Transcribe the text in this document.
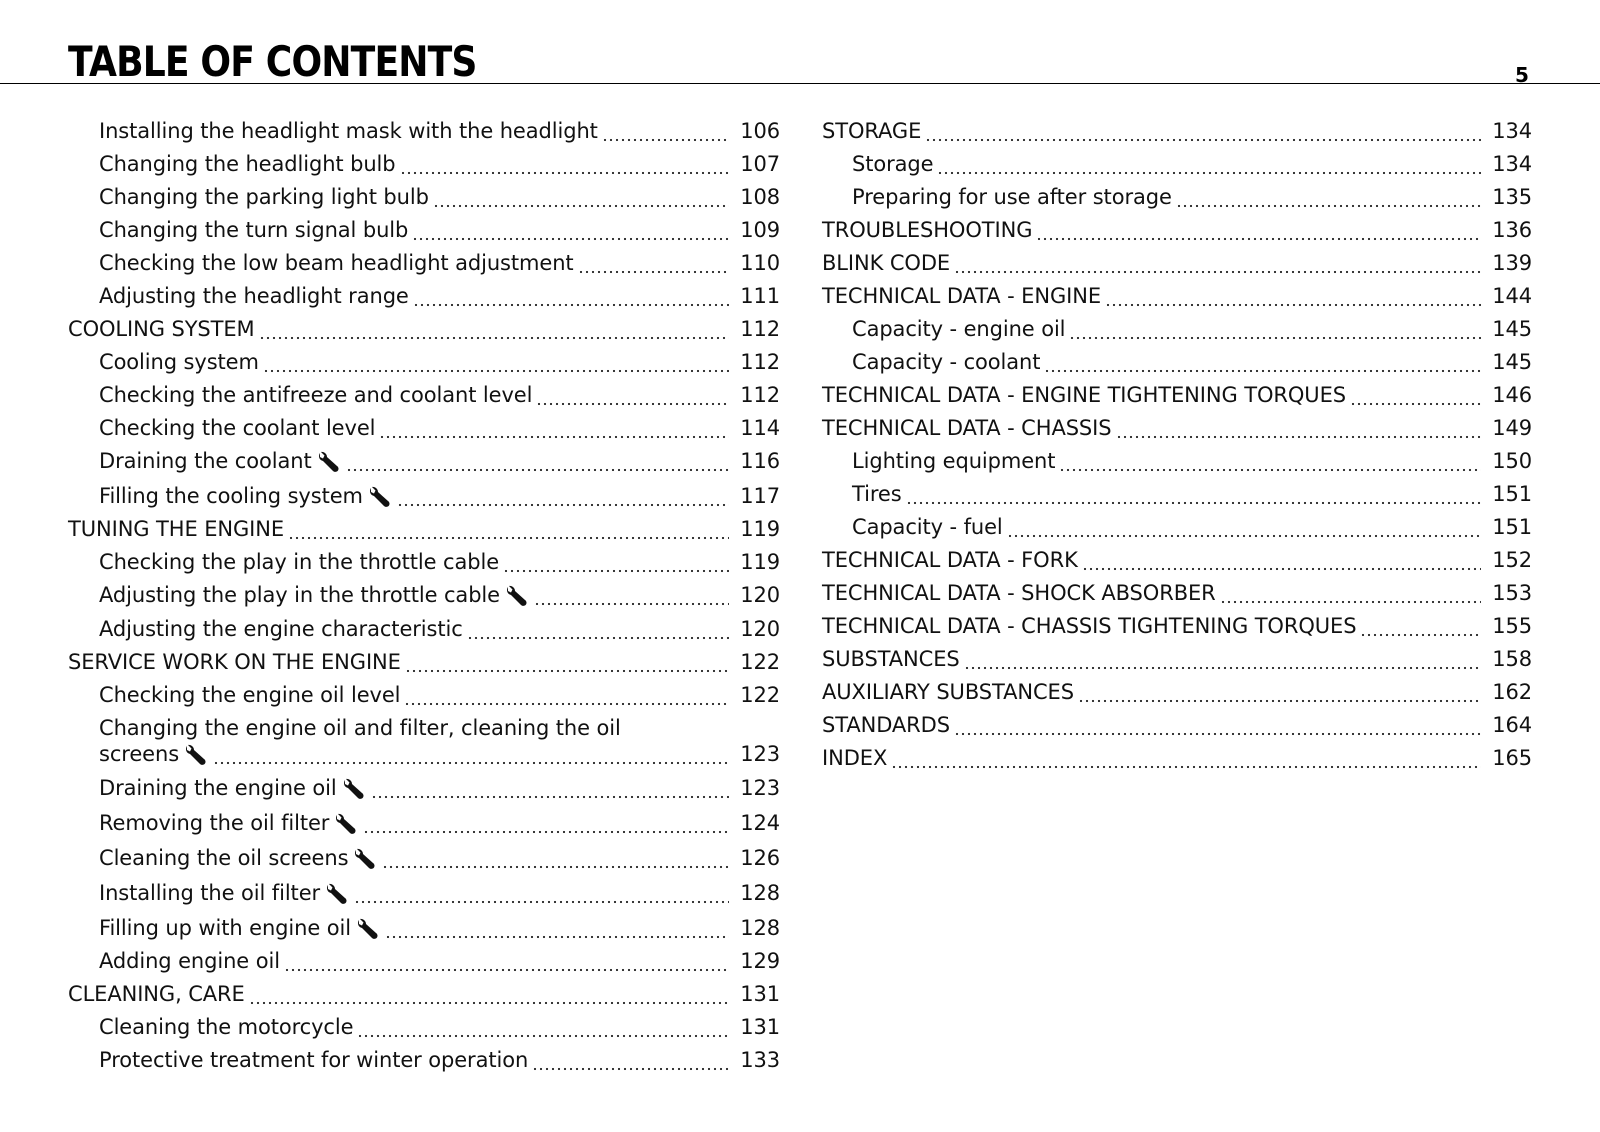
TABLE OF CONTENTS	5
Installing the headlight mask with the headlight	106
Changing the headlight bulb	107
Changing the parking light bulb	108
Changing the turn signal bulb	109
Checking the low beam headlight adjustment	110
Adjusting the headlight range	111
COOLING SYSTEM	112
Cooling system	112
Checking the antifreeze and coolant level	112
Checking the coolant level	114
Draining the coolant	116
Filling the cooling system	117
TUNING THE ENGINE	119
Checking the play in the throttle cable	119
Adjusting the play in the throttle cable	120
Adjusting the engine characteristic	120
SERVICE WORK ON THE ENGINE	122
Checking the engine oil level	122
Changing the engine oil and filter, cleaning the oil
screens	123
Draining the engine oil	123
Removing the oil filter	124
Cleaning the oil screens	126
Installing the oil filter	128
Filling up with engine oil	128
Adding engine oil	129
CLEANING, CARE	131
Cleaning the motorcycle	131
Protective treatment for winter operation	133
STORAGE	134
Storage	134
Preparing for use after storage	135
TROUBLESHOOTING	136
BLINK CODE	139
TECHNICAL DATA - ENGINE	144
Capacity - engine oil	145
Capacity - coolant	145
TECHNICAL DATA - ENGINE TIGHTENING TORQUES	146
TECHNICAL DATA - CHASSIS	149
Lighting equipment	150
Tires	151
Capacity - fuel	151
TECHNICAL DATA - FORK	152
TECHNICAL DATA - SHOCK ABSORBER	153
TECHNICAL DATA - CHASSIS TIGHTENING TORQUES	155
SUBSTANCES	158
AUXILIARY SUBSTANCES	162
STANDARDS	164
INDEX	165
